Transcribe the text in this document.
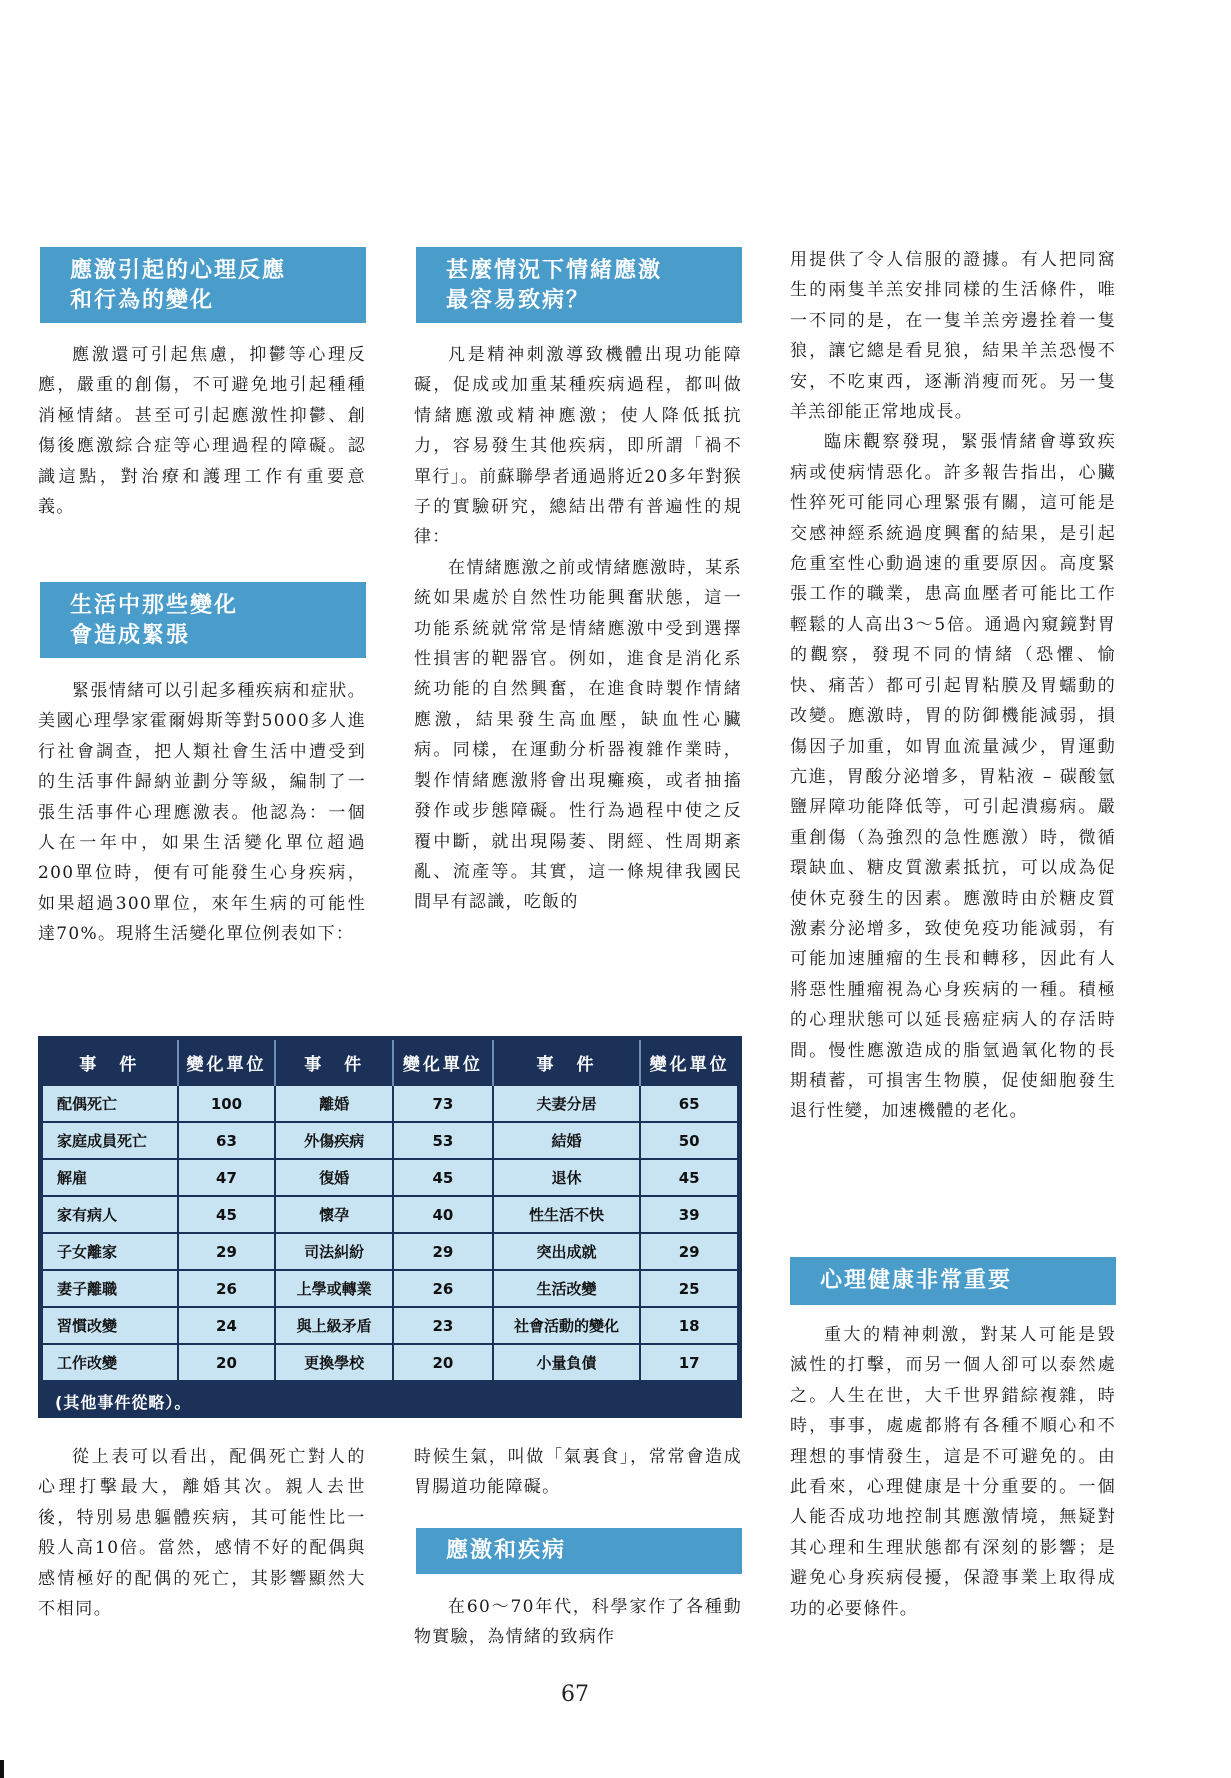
應激引起的心理反應
和行為的變化

應激還可引起焦慮，抑鬱等心理反應，嚴重的創傷，不可避免地引起種種消極情緒。甚至可引起應激性抑鬱、創傷後應激綜合症等心理過程的障礙。認識這點，對治療和護理工作有重要意義。

生活中那些變化
會造成緊張

緊張情緒可以引起多種疾病和症狀。美國心理學家霍爾姆斯等對5000多人進行社會調查，把人類社會生活中遭受到的生活事件歸納並劃分等級，編制了一張生活事件心理應激表。他認為：一個人在一年中，如果生活變化單位超過200單位時，便有可能發生心身疾病，如果超過300單位，來年生病的可能性達70%。現將生活變化單位例表如下：

甚麼情況下情緒應激
最容易致病？

凡是精神刺激導致機體出現功能障礙，促成或加重某種疾病過程，都叫做情緒應激或精神應激；使人降低抵抗力，容易發生其他疾病，即所謂「禍不單行」。前蘇聯學者通過將近20多年對猴子的實驗研究，總結出帶有普遍性的規律：

在情緒應激之前或情緒應激時，某系統如果處於自然性功能興奮狀態，這一功能系統就常常是情緒應激中受到選擇性損害的靶器官。例如，進食是消化系統功能的自然興奮，在進食時製作情緒應激，結果發生高血壓，缺血性心臟病。同樣，在運動分析器複雜作業時，製作情緒應激將會出現癱瘓，或者抽搐發作或步態障礙。性行為過程中使之反覆中斷，就出現陽萎、閉經、性周期紊亂、流產等。其實，這一條規律我國民間早有認識，吃飯的

用提供了令人信服的證據。有人把同窩生的兩隻羊羔安排同樣的生活條件，唯一不同的是，在一隻羊羔旁邊拴着一隻狼，讓它總是看見狼，結果羊羔恐慢不安，不吃東西，逐漸消瘦而死。另一隻羊羔卻能正常地成長。

臨床觀察發現，緊張情緒會導致疾病或使病情惡化。許多報告指出，心臟性猝死可能同心理緊張有關，這可能是交感神經系統過度興奮的結果，是引起危重室性心動過速的重要原因。高度緊張工作的職業，患高血壓者可能比工作輕鬆的人高出3～5倍。通過內窺鏡對胃的觀察，發現不同的情緒（恐懼、愉快、痛苦）都可引起胃粘膜及胃蠕動的改變。應激時，胃的防御機能減弱，損傷因子加重，如胃血流量減少，胃運動亢進，胃酸分泌增多，胃粘液 – 碳酸氫鹽屏障功能降低等，可引起潰瘍病。嚴重創傷（為強烈的急性應激）時，微循環缺血、糖皮質激素抵抗，可以成為促使休克發生的因素。應激時由於糖皮質激素分泌增多，致使免疫功能減弱，有可能加速腫瘤的生長和轉移，因此有人將惡性腫瘤視為心身疾病的一種。積極的心理狀態可以延長癌症病人的存活時間。慢性應激造成的脂氫過氧化物的長期積蓄，可損害生物膜，促使細胞發生退行性變，加速機體的老化。

心理健康非常重要

重大的精神刺激，對某人可能是毀滅性的打擊，而另一個人卻可以泰然處之。人生在世，大千世界錯綜複雜，時時，事事，處處都將有各種不順心和不理想的事情發生，這是不可避免的。由此看來，心理健康是十分重要的。一個人能否成功地控制其應激情境，無疑對其心理和生理狀態都有深刻的影響；是避免心身疾病侵擾，保證事業上取得成功的必要條件。

事　件	變化單位	事　件	變化單位	事　件	變化單位
配偶死亡	100	離婚	73	夫妻分居	65
家庭成員死亡	63	外傷疾病	53	結婚	50
解雇	47	復婚	45	退休	45
家有病人	45	懷孕	40	性生活不快	39
子女離家	29	司法糾紛	29	突出成就	29
妻子離職	26	上學或轉業	26	生活改變	25
習慣改變	24	與上級矛盾	23	社會活動的變化	18
工作改變	20	更換學校	20	小量負債	17
(其他事件從略）。

從上表可以看出，配偶死亡對人的心理打擊最大，離婚其次。親人去世後，特別易患軀體疾病，其可能性比一般人高10倍。當然，感情不好的配偶與感情極好的配偶的死亡，其影響顯然大不相同。

時候生氣，叫做「氣裏食」，常常會造成胃腸道功能障礙。

應激和疾病

在60～70年代，科學家作了各種動物實驗，為情緒的致病作

67
